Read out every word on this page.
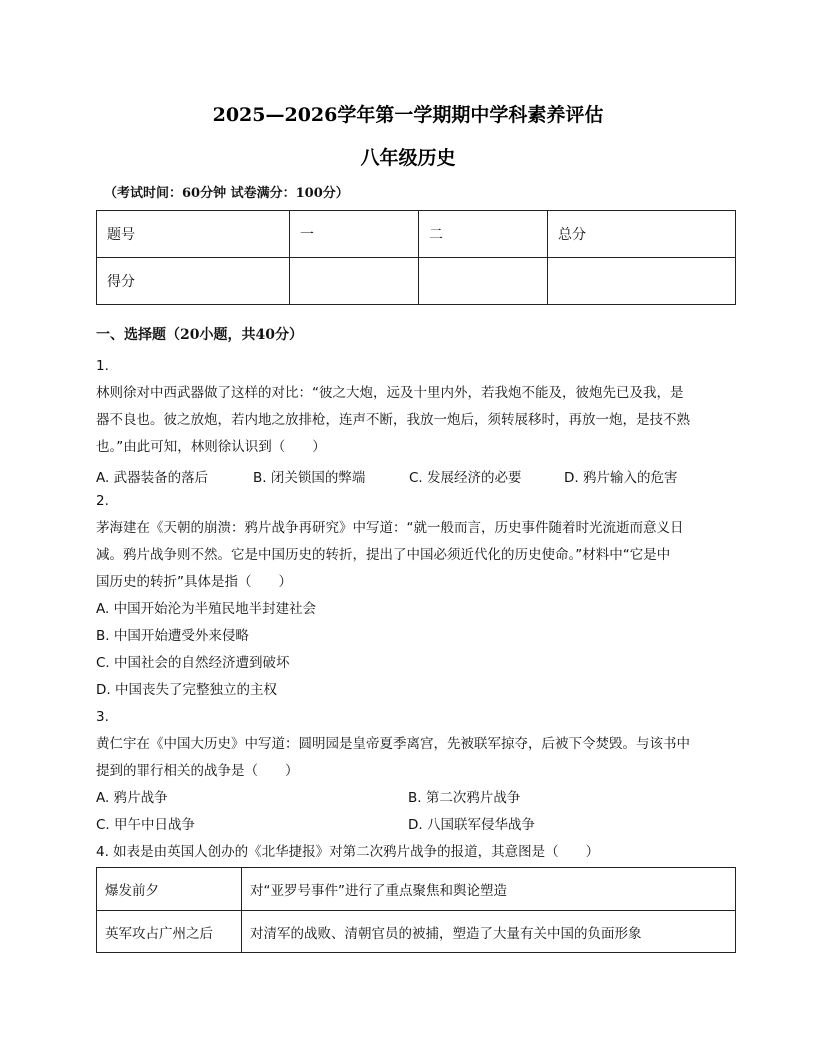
2025—2026学年第一学期期中学科素养评估
八年级历史
（考试时间：60分钟 试卷满分：100分）
题号	一	二	总分
得分			
一、选择题（20小题，共40分）
1.
林则徐对中西武器做了这样的对比：“彼之大炮，远及十里内外，若我炮不能及，彼炮先已及我，是
器不良也。彼之放炮，若内地之放排枪，连声不断，我放一炮后，须转展移时，再放一炮，是技不熟
也。”由此可知，林则徐认识到（　　）
A. 武器装备的落后	B. 闭关锁国的弊端	C. 发展经济的必要	D. 鸦片输入的危害
2.
茅海建在《天朝的崩溃：鸦片战争再研究》中写道：“就一般而言，历史事件随着时光流逝而意义日
减。鸦片战争则不然。它是中国历史的转折，提出了中国必须近代化的历史使命。”材料中“它是中
国历史的转折”具体是指（　　）
A. 中国开始沦为半殖民地半封建社会
B. 中国开始遭受外来侵略
C. 中国社会的自然经济遭到破坏
D. 中国丧失了完整独立的主权
3.
黄仁宇在《中国大历史》中写道：圆明园是皇帝夏季离宫，先被联军掠夺，后被下令焚毁。与该书中
提到的罪行相关的战争是（　　）
A. 鸦片战争	B. 第二次鸦片战争
C. 甲午中日战争	D. 八国联军侵华战争
4. 如表是由英国人创办的《北华捷报》对第二次鸦片战争的报道，其意图是（　　）
爆发前夕	对“亚罗号事件”进行了重点聚焦和舆论塑造
英军攻占广州之后	对清军的战败、清朝官员的被捕，塑造了大量有关中国的负面形象
